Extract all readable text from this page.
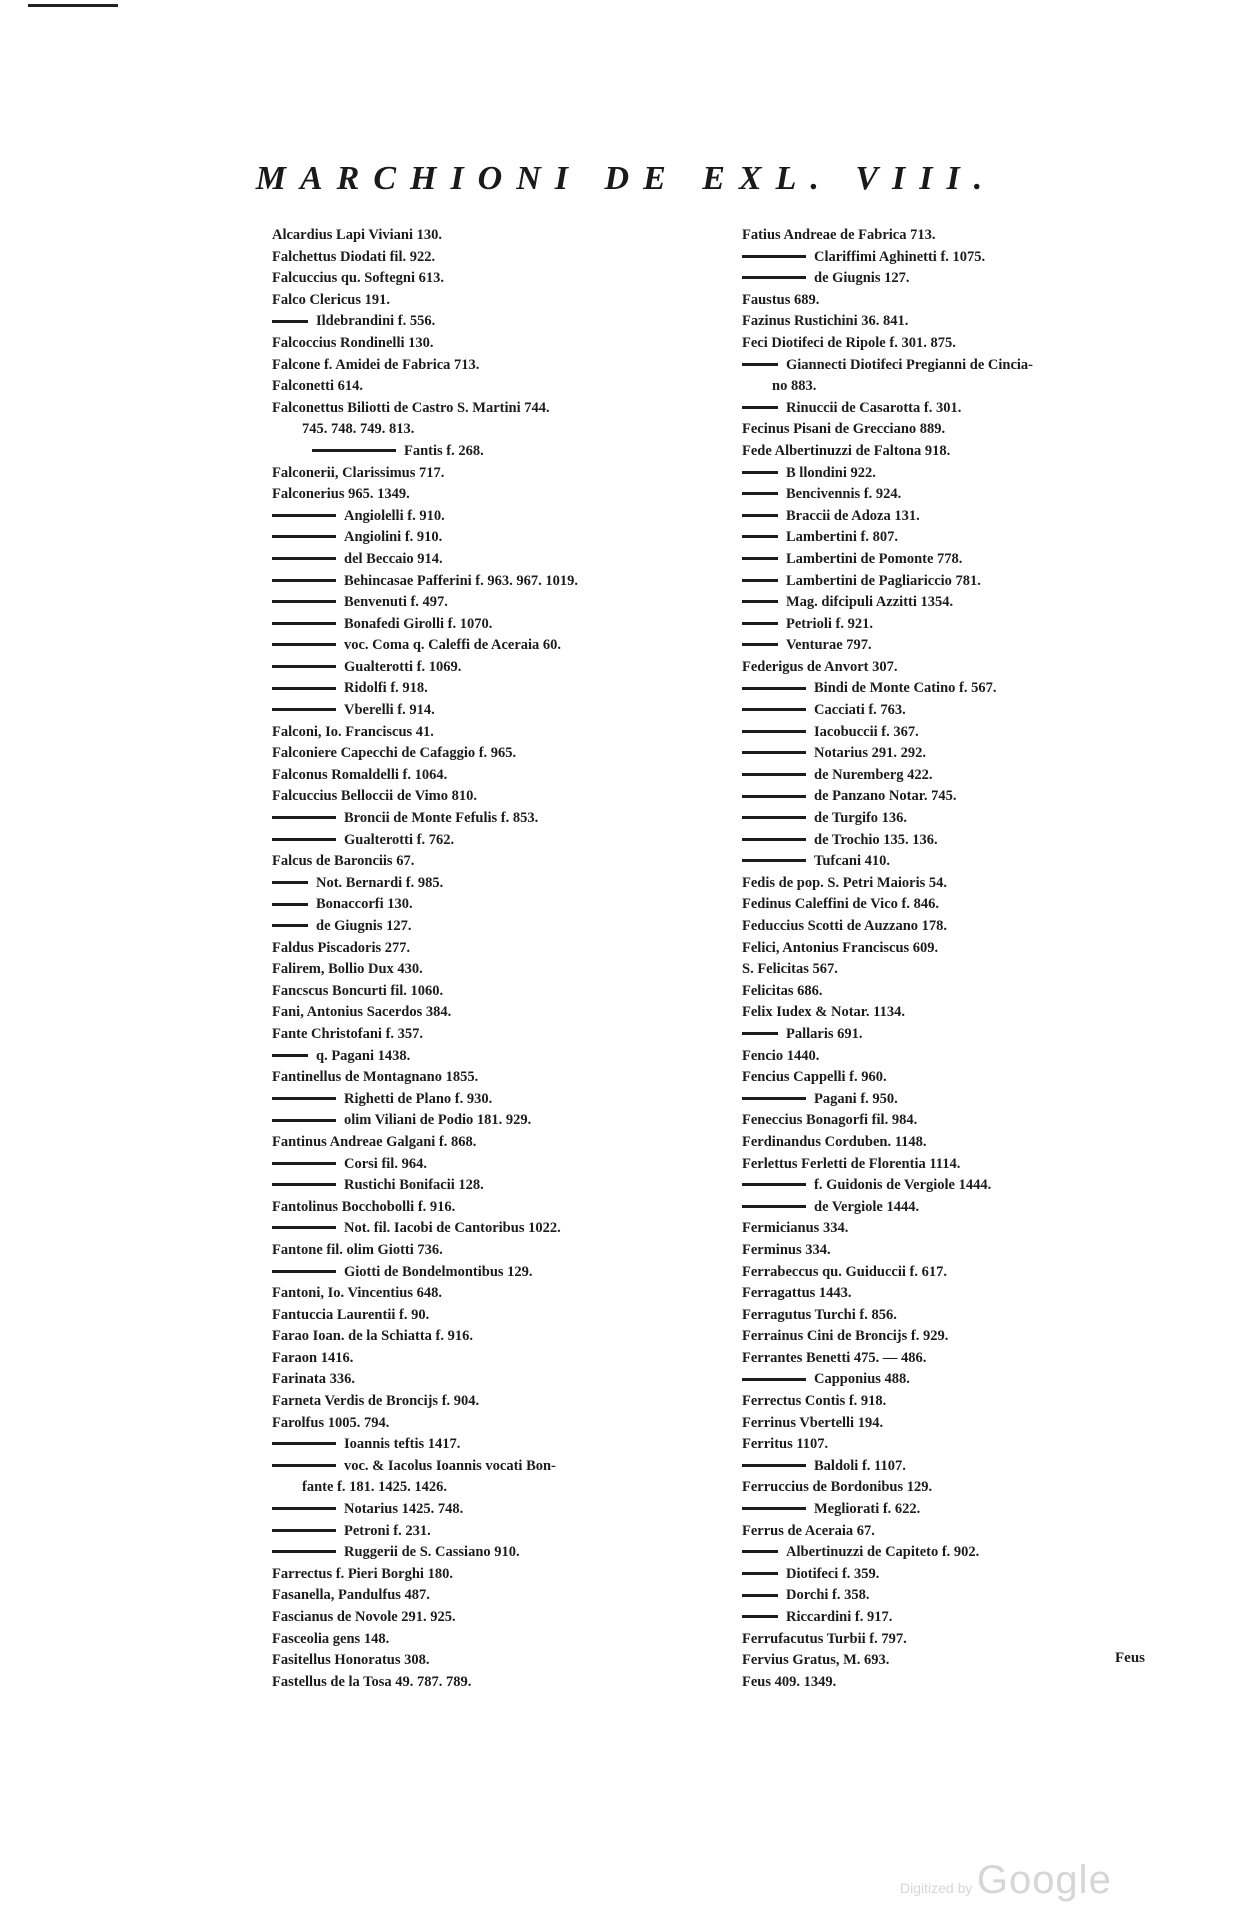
MARCHIONI DE EXL. VIII.
Alcardius Lapi Viviani 130.
Falchettus Diodati fil. 922.
Falcuccius qu. Softegni 613.
Falco Clericus 191.
Ildebrandini f. 556.
Falcoccius Rondinelli 130.
Falcone f. Amidei de Fabrica 713.
Falconetti 614.
Falconettus Biliotti de Castro S. Martini 744.
745. 748. 749. 813.
Fantis f. 268.
Falconerii, Clarissimus 717.
Falconerius 965. 1349.
Angiolelli f. 910.
Angiolini f. 910.
del Beccaio 914.
Behincasae Pafferini f. 963. 967. 1019.
Benvenuti f. 497.
Bonafedi Girolli f. 1070.
voc. Coma q. Caleffi de Aceraia 60.
Gualterotti f. 1069.
Ridolfi f. 918.
Vberelli f. 914.
Falconi, Io. Franciscus 41.
Falconiere Capecchi de Cafaggio f. 965.
Falconus Romaldelli f. 1064.
Falcuccius Belloccii de Vimo 810.
Broncii de Monte Fefulis f. 853.
Gualterotti f. 762.
Falcus de Baronciis 67.
Not. Bernardi f. 985.
Bonaccorfi 130.
de Giugnis 127.
Faldus Piscadoris 277.
Falirem, Bollio Dux 430.
Fancscus Boncurti fil. 1060.
Fani, Antonius Sacerdos 384.
Fante Christofani f. 357.
q. Pagani 1438.
Fantinellus de Montagnano 1855.
Righetti de Plano f. 930.
olim Viliani de Podio 181. 929.
Fantinus Andreae Galgani f. 868.
Corsi fil. 964.
Rustichi Bonifacii 128.
Fantolinus Bocchobolli f. 916.
Not. fil. Iacobi de Cantoribus 1022.
Fantone fil. olim Giotti 736.
Giotti de Bondelmontibus 129.
Fantoni, Io. Vincentius 648.
Fantuccia Laurentii f. 90.
Farao Ioan. de la Schiatta f. 916.
Faraon 1416.
Farinata 336.
Farneta Verdis de Broncijs f. 904.
Farolfus 1005. 794.
Ioannis teftis 1417.
voc. & Iacolus Ioannis vocati Bon-
fante f. 181. 1425. 1426.
Notarius 1425. 748.
Petroni f. 231.
Ruggerii de S. Cassiano 910.
Farrectus f. Pieri Borghi 180.
Fasanella, Pandulfus 487.
Fascianus de Novole 291. 925.
Fasceolia gens 148.
Fasitellus Honoratus 308.
Fastellus de la Tosa 49. 787. 789.
Fatius Andreae de Fabrica 713.
Clariffimi Aghinetti f. 1075.
de Giugnis 127.
Faustus 689.
Fazinus Rustichini 36. 841.
Feci Diotifeci de Ripole f. 301. 875.
Giannecti Diotifeci Pregianni de Cincia-
no 883.
Rinuccii de Casarotta f. 301.
Fecinus Pisani de Grecciano 889.
Fede Albertinuzzi de Faltona 918.
B llondini 922.
Bencivennis f. 924.
Braccii de Adoza 131.
Lambertini f. 807.
Lambertini de Pomonte 778.
Lambertini de Pagliariccio 781.
Mag. difcipuli Azzitti 1354.
Petrioli f. 921.
Venturae 797.
Federigus de Anvort 307.
Bindi de Monte Catino f. 567.
Cacciati f. 763.
Iacobuccii f. 367.
Notarius 291. 292.
de Nuremberg 422.
de Panzano Notar. 745.
de Turgifo 136.
de Trochio 135. 136.
Tufcani 410.
Fedis de pop. S. Petri Maioris 54.
Fedinus Caleffini de Vico f. 846.
Feduccius Scotti de Auzzano 178.
Felici, Antonius Franciscus 609.
S. Felicitas 567.
Felicitas 686.
Felix Iudex & Notar. 1134.
Pallaris 691.
Fencio 1440.
Fencius Cappelli f. 960.
Pagani f. 950.
Feneccius Bonagorfi fil. 984.
Ferdinandus Corduben. 1148.
Ferlettus Ferletti de Florentia 1114.
f. Guidonis de Vergiole 1444.
de Vergiole 1444.
Fermicianus 334.
Ferminus 334.
Ferrabeccus qu. Guiduccii f. 617.
Ferragattus 1443.
Ferragutus Turchi f. 856.
Ferrainus Cini de Broncijs f. 929.
Ferrantes Benetti 475. — 486.
Capponius 488.
Ferrectus Contis f. 918.
Ferrinus Vbertelli 194.
Ferritus 1107.
Baldoli f. 1107.
Ferruccius de Bordonibus 129.
Megliorati f. 622.
Ferrus de Aceraia 67.
Albertinuzzi de Capiteto f. 902.
Diotifeci f. 359.
Dorchi f. 358.
Riccardini f. 917.
Ferrufacutus Turbii f. 797.
Fervius Gratus, M. 693.
Feus 409. 1349.
Feus
Digitized by Google
